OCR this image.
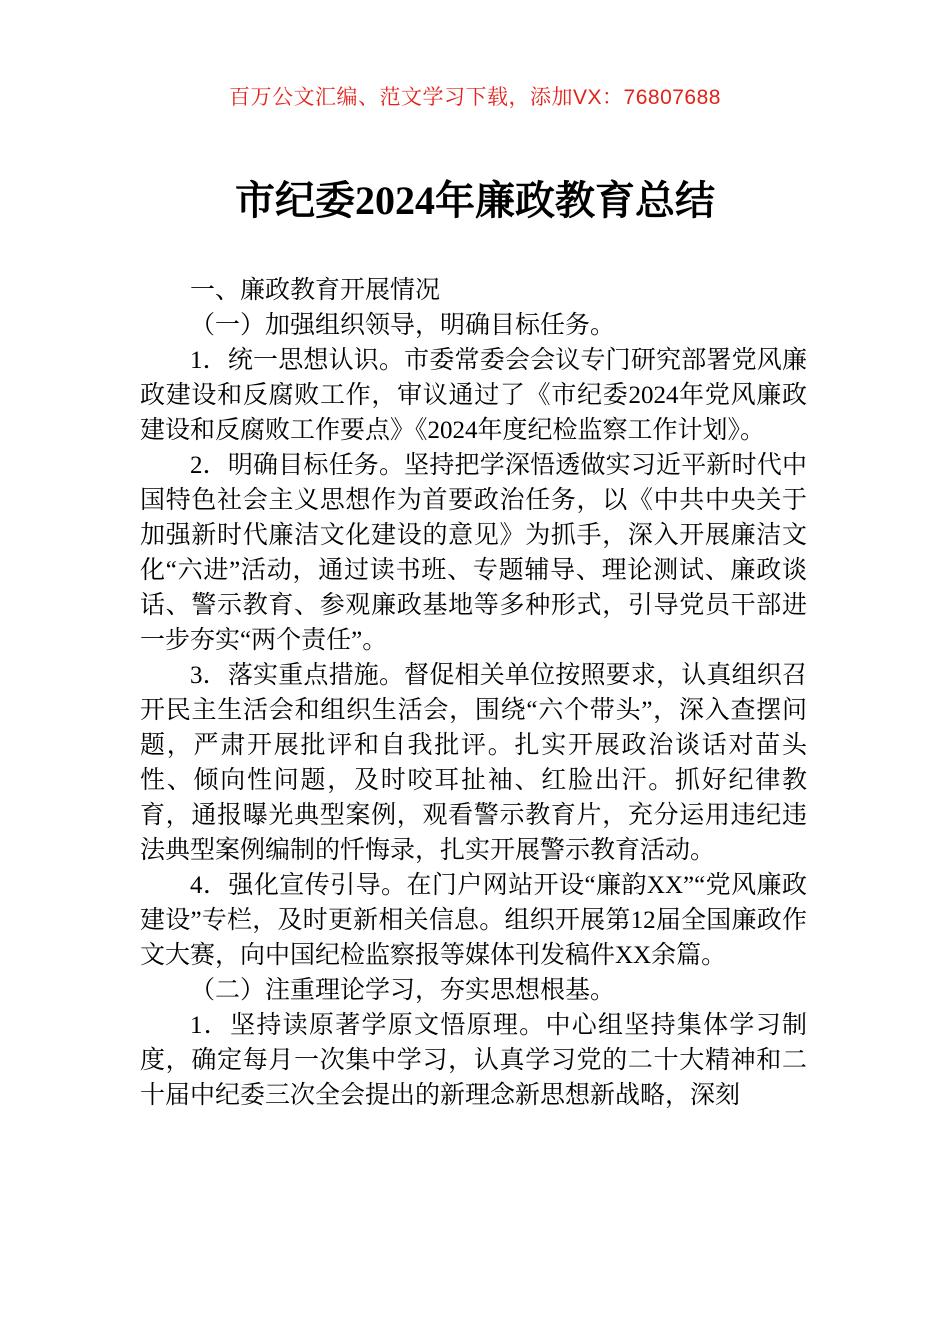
百万公文汇编、范文学习下载，添加VX：76807688
市纪委2024年廉政教育总结

一、廉政教育开展情况

（一）加强组织领导，明确目标任务。

1．统一思想认识。市委常委会会议专门研究部署党风廉政建设和反腐败工作，审议通过了《市纪委2024年党风廉政建设和反腐败工作要点》《2024年度纪检监察工作计划》。

2．明确目标任务。坚持把学深悟透做实习近平新时代中国特色社会主义思想作为首要政治任务，以《中共中央关于加强新时代廉洁文化建设的意见》为抓手，深入开展廉洁文化“六进”活动，通过读书班、专题辅导、理论测试、廉政谈话、警示教育、参观廉政基地等多种形式，引导党员干部进一步夯实“两个责任”。

3．落实重点措施。督促相关单位按照要求，认真组织召开民主生活会和组织生活会，围绕“六个带头”，深入查摆问题，严肃开展批评和自我批评。扎实开展政治谈话对苗头性、倾向性问题，及时咬耳扯袖、红脸出汗。抓好纪律教育，通报曝光典型案例，观看警示教育片，充分运用违纪违法典型案例编制的忏悔录，扎实开展警示教育活动。

4．强化宣传引导。在门户网站开设“廉韵XX”“党风廉政建设”专栏，及时更新相关信息。组织开展第12届全国廉政作文大赛，向中国纪检监察报等媒体刊发稿件XX余篇。

（二）注重理论学习，夯实思想根基。

1．坚持读原著学原文悟原理。中心组坚持集体学习制度，确定每月一次集中学习，认真学习党的二十大精神和二十届中纪委三次全会提出的新理念新思想新战略，深刻
